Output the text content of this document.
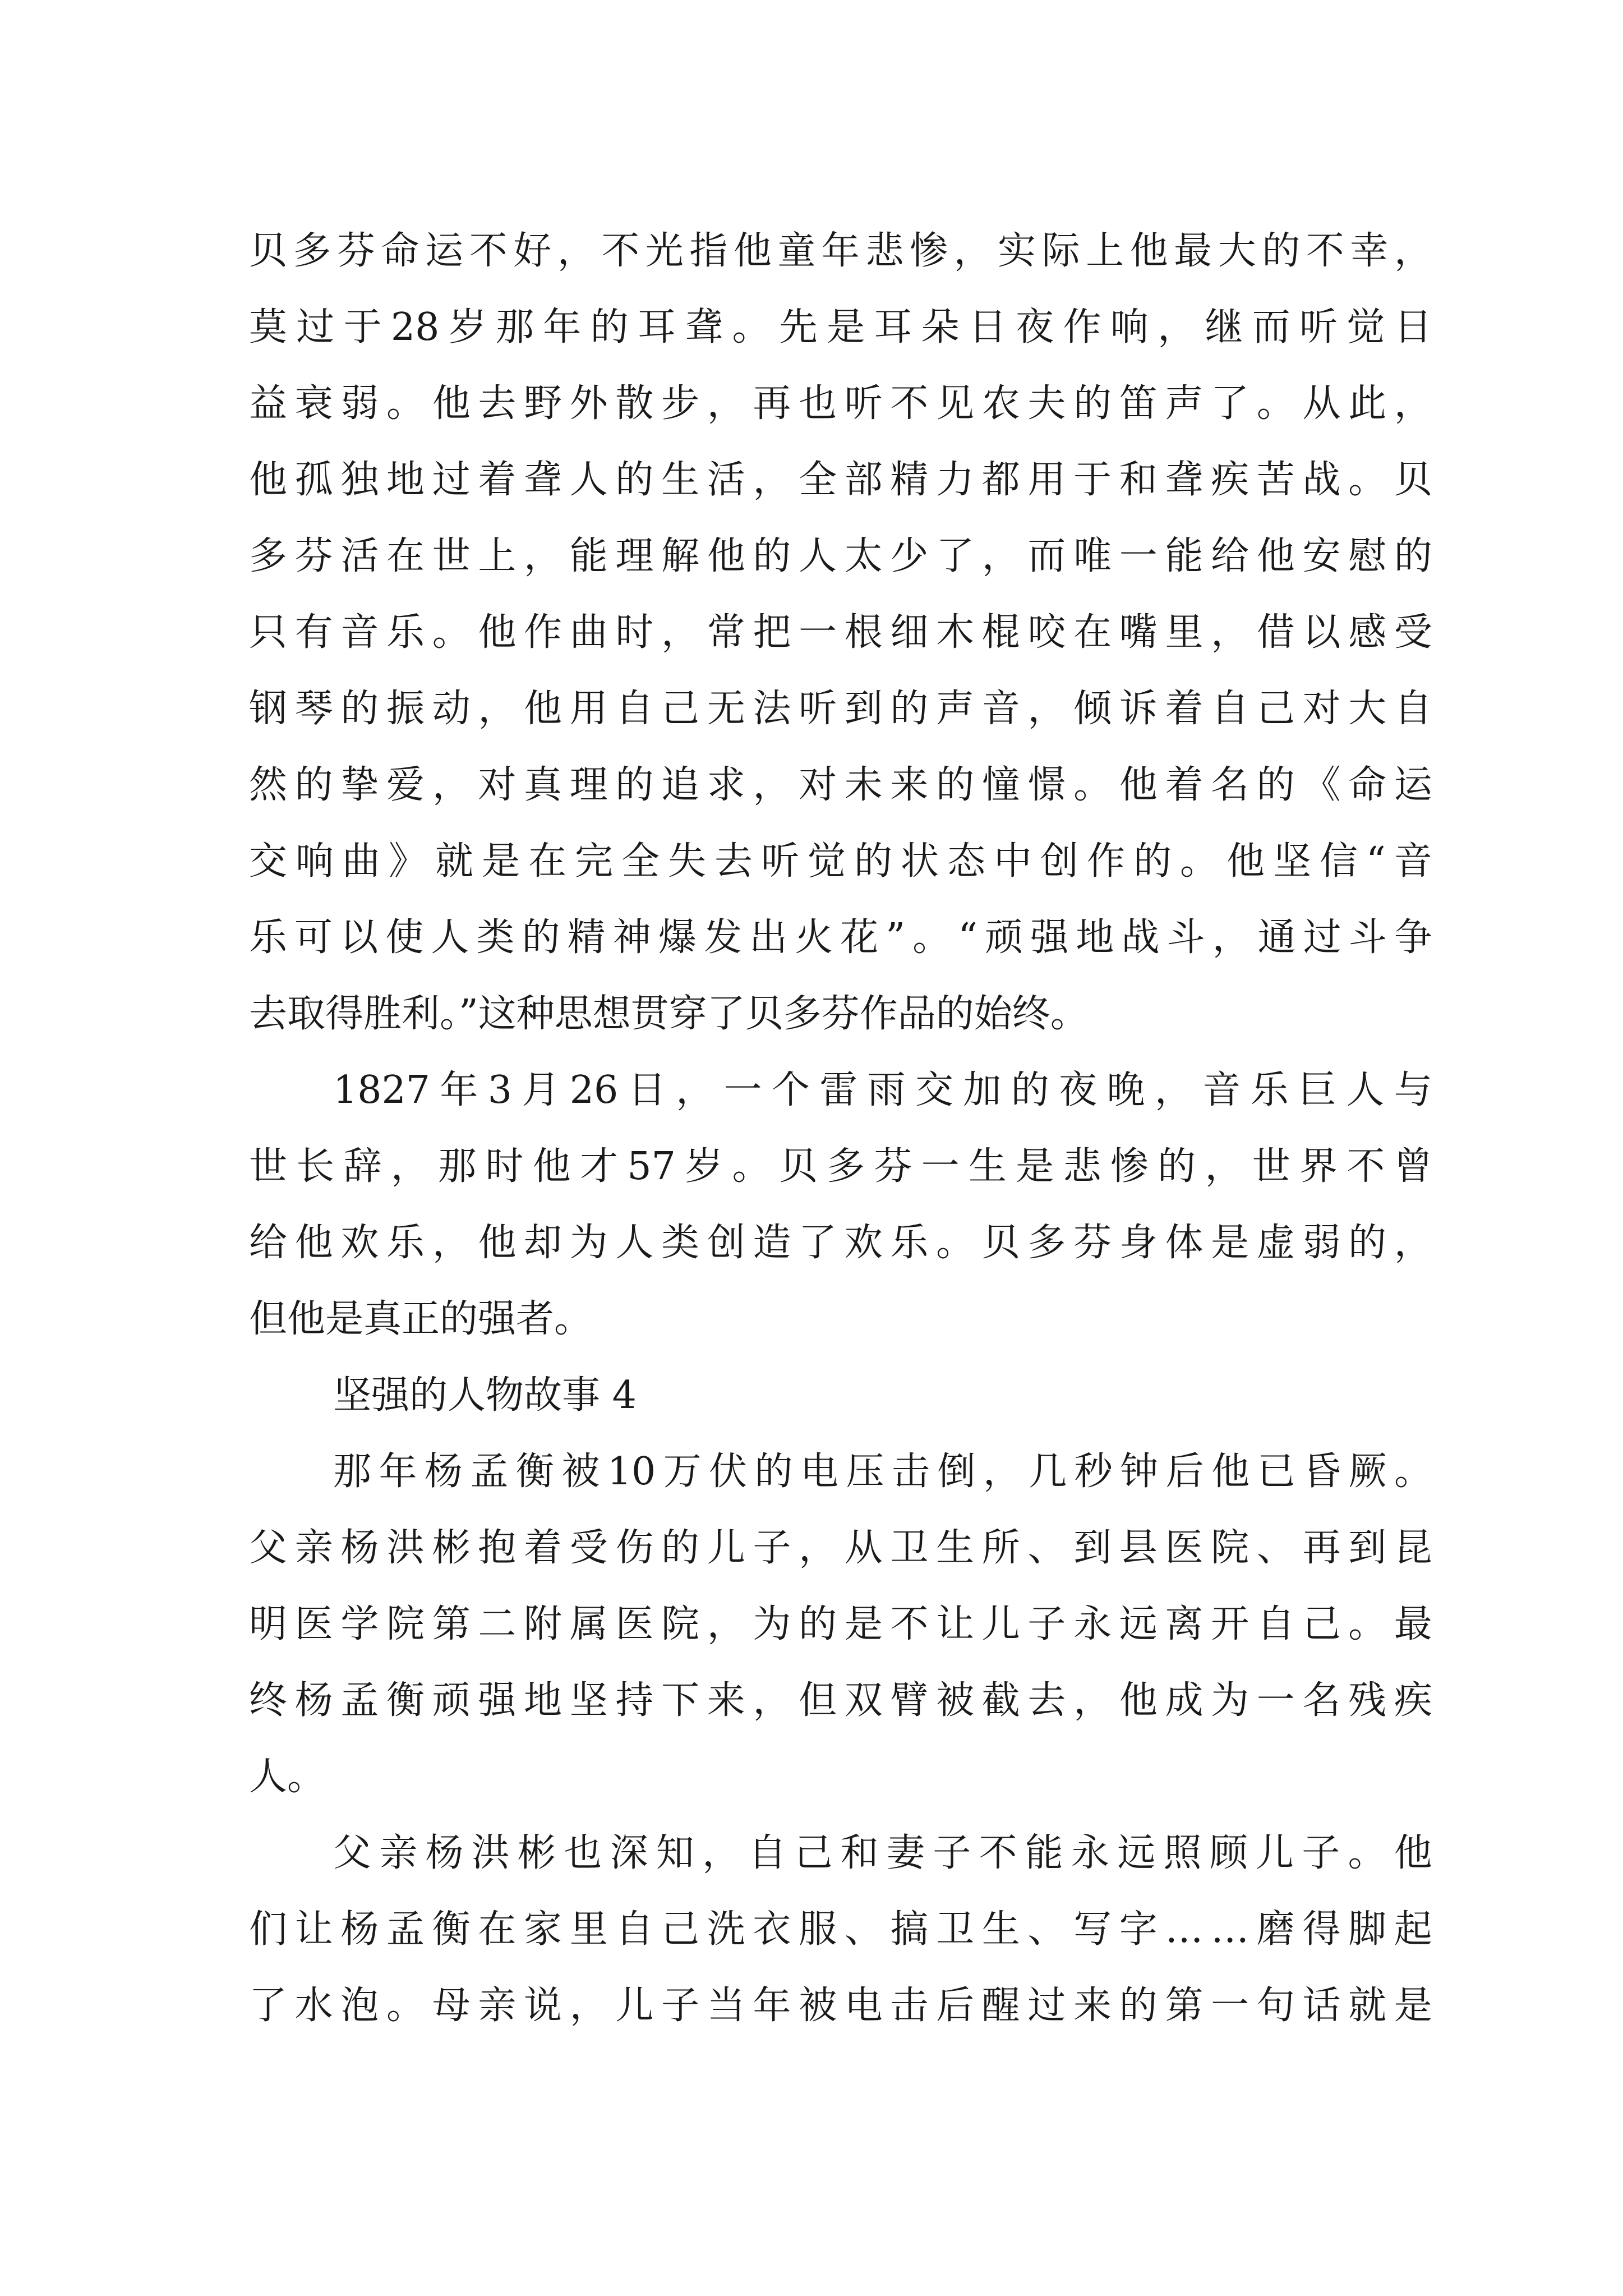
贝 多 芬 命 运 不 好 ， 不 光 指 他 童 年 悲 惨 ， 实 际 上 他 最 大 的 不 幸 ，
莫 过 于 28 岁 那 年 的 耳 聋 。 先 是 耳 朵 日 夜 作 响 ， 继 而 听 觉 日
益 衰 弱 。 他 去 野 外 散 步 ， 再 也 听 不 见 农 夫 的 笛 声 了 。 从 此 ，
他 孤 独 地 过 着 聋 人 的 生 活 ， 全 部 精 力 都 用 于 和 聋 疾 苦 战 。 贝
多 芬 活 在 世 上 ， 能 理 解 他 的 人 太 少 了 ， 而 唯 一 能 给 他 安 慰 的
只 有 音 乐 。 他 作 曲 时 ， 常 把 一 根 细 木 棍 咬 在 嘴 里 ， 借 以 感 受
钢 琴 的 振 动 ， 他 用 自 己 无 法 听 到 的 声 音 ， 倾 诉 着 自 己 对 大 自
然 的 挚 爱 ， 对 真 理 的 追 求 ， 对 未 来 的 憧 憬 。 他 着 名 的 《 命 运
交 响 曲 》 就 是 在 完 全 失 去 听 觉 的 状 态 中 创 作 的 。 他 坚 信 “ 音
乐 可 以 使 人 类 的 精 神 爆 发 出 火 花 ” 。 “ 顽 强 地 战 斗 ， 通 过 斗 争
去取得胜利。”这种思想贯穿了贝多芬作品的始终。
1827 年 3 月 26 日 ， 一 个 雷 雨 交 加 的 夜 晚 ， 音 乐 巨 人 与
世 长 辞 ， 那 时 他 才 57 岁 。 贝 多 芬 一 生 是 悲 惨 的 ， 世 界 不 曾
给 他 欢 乐 ， 他 却 为 人 类 创 造 了 欢 乐 。 贝 多 芬 身 体 是 虚 弱 的 ，
但他是真正的强者。
坚强的人物故事 4
那 年 杨 孟 衡 被 10 万 伏 的 电 压 击 倒 ， 几 秒 钟 后 他 已 昏 厥 。
父 亲 杨 洪 彬 抱 着 受 伤 的 儿 子 ， 从 卫 生 所 、 到 县 医 院 、 再 到 昆
明 医 学 院 第 二 附 属 医 院 ， 为 的 是 不 让 儿 子 永 远 离 开 自 己 。 最
终 杨 孟 衡 顽 强 地 坚 持 下 来 ， 但 双 臂 被 截 去 ， 他 成 为 一 名 残 疾
人。
父 亲 杨 洪 彬 也 深 知 ， 自 己 和 妻 子 不 能 永 远 照 顾 儿 子 。 他
们 让 杨 孟 衡 在 家 里 自 己 洗 衣 服 、 搞 卫 生 、 写 字 … … 磨 得 脚 起
了 水 泡 。 母 亲 说 ， 儿 子 当 年 被 电 击 后 醒 过 来 的 第 一 句 话 就 是
